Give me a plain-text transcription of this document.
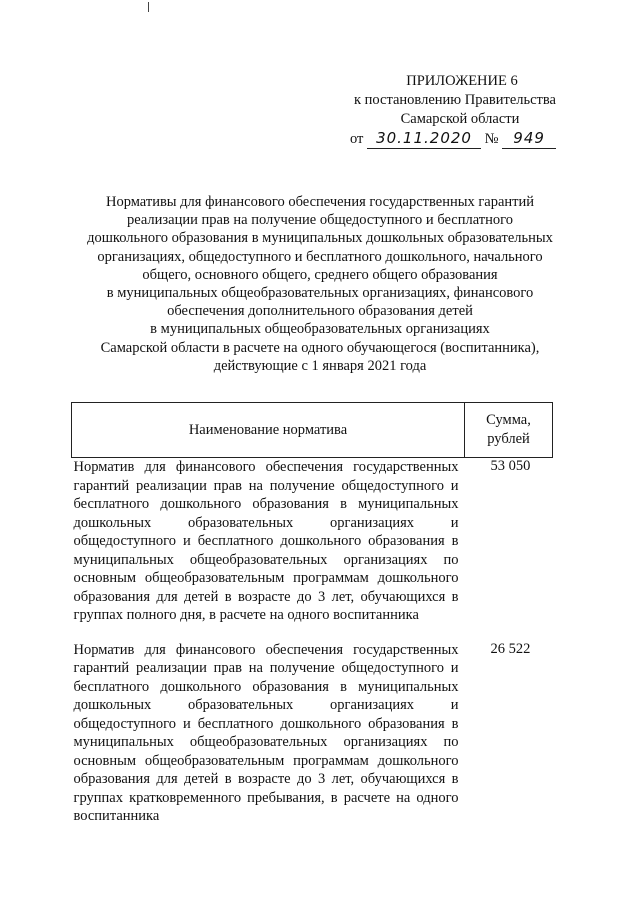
ПРИЛОЖЕНИЕ 6
к постановлению Правительства
Самарской области
от 30.11.2020 № 949
Нормативы для финансового обеспечения государственных гарантий
реализации прав на получение общедоступного и бесплатного
дошкольного образования в муниципальных дошкольных образовательных
организациях, общедоступного и бесплатного дошкольного, начального
общего, основного общего, среднего общего образования
в муниципальных общеобразовательных организациях, финансового
обеспечения дополнительного образования детей
в муниципальных общеобразовательных организациях
Самарской области в расчете на одного обучающегося (воспитанника),
действующие с 1 января 2021 года
Наименование норматива	Сумма,
рублей
Норматив для финансового обеспечения государственных гарантий реализации прав на получение общедоступного и бесплатного дошкольного образования в муниципальных дошкольных образовательных организациях и общедоступного и бесплатного дошкольного образования в муниципальных общеобразовательных организациях по основным общеобразовательным программам дошкольного образования для детей в возрасте до 3 лет, обучающихся в группах полного дня, в расчете на одного воспитанника	53 050
Норматив для финансового обеспечения государственных гарантий реализации прав на получение общедоступного и бесплатного дошкольного образования в муниципальных дошкольных образовательных организациях и общедоступного и бесплатного дошкольного образования в муниципальных общеобразовательных организациях по основным общеобразовательным программам дошкольного образования для детей в возрасте до 3 лет, обучающихся в группах кратковременного пребывания, в расчете на одного воспитанника	26 522
